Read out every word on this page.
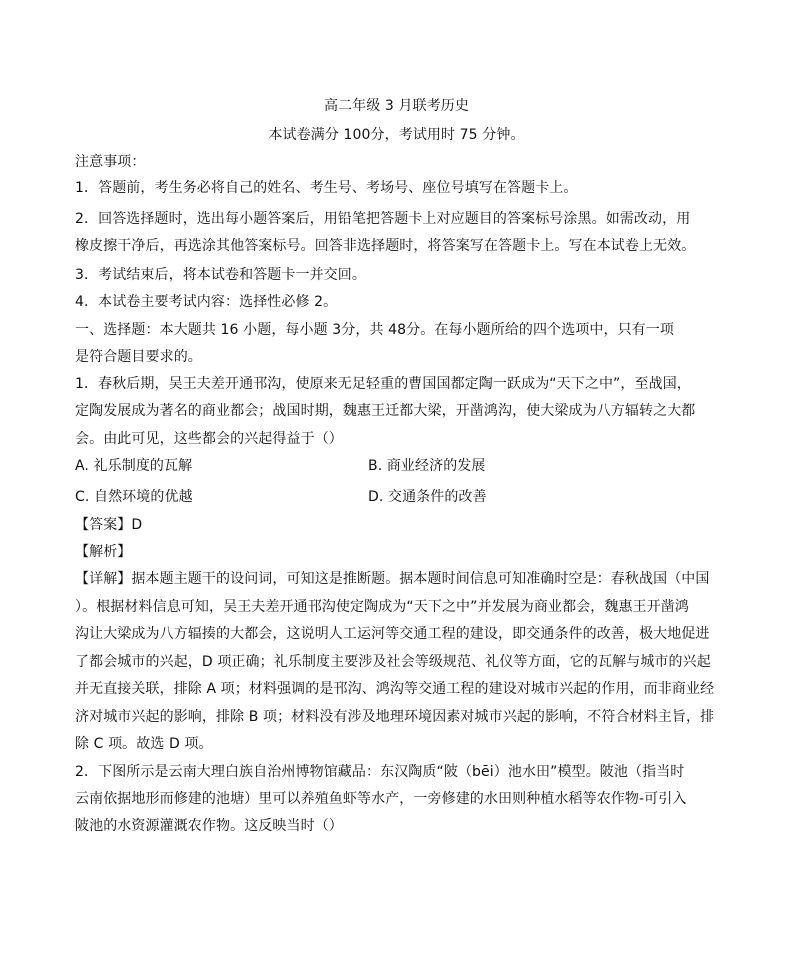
高二年级 3 月联考历史
本试卷满分 100分，考试用时 75 分钟。
注意事项：
1．答题前，考生务必将自己的姓名、考生号、考场号、座位号填写在答题卡上。
2．回答选择题时，选出每小题答案后，用铅笔把答题卡上对应题目的答案标号涂黑。如需改动，用
橡皮擦干净后，再选涂其他答案标号。回答非选择题时，将答案写在答题卡上。写在本试卷上无效。
3．考试结束后，将本试卷和答题卡一并交回。
4．本试卷主要考试内容：选择性必修 2。
一、选择题：本大题共 16 小题，每小题 3分，共 48分。在每小题所给的四个选项中，只有一项
是符合题目要求的。
1．春秋后期，吴王夫差开通邗沟，使原来无足轻重的曹国国都定陶一跃成为“天下之中”，至战国，
定陶发展成为著名的商业都会；战国时期，魏惠王迁都大梁，开凿鸿沟，使大梁成为八方辐转之大都
会。由此可见，这些都会的兴起得益于（）
A. 礼乐制度的瓦解	B. 商业经济的发展
C. 自然环境的优越	D. 交通条件的改善
【答案】D
【解析】
【详解】据本题主题干的设问词，可知这是推断题。据本题时间信息可知准确时空是：春秋战国（中国
）。根据材料信息可知，吴王夫差开通邗沟使定陶成为“天下之中”并发展为商业都会，魏惠王开凿鸿
沟让大梁成为八方辐揍的大都会，这说明人工运河等交通工程的建设，即交通条件的改善，极大地促进
了都会城市的兴起，D 项正确；礼乐制度主要涉及社会等级规范、礼仪等方面，它的瓦解与城市的兴起
并无直接关联，排除 A 项；材料强调的是邗沟、鸿沟等交通工程的建设对城市兴起的作用，而非商业经
济对城市兴起的影响，排除 B 项；材料没有涉及地理环境因素对城市兴起的影响，不符合材料主旨，排
除 C 项。故选 D 项。
2．下图所示是云南大理白族自治州博物馆藏品：东汉陶质“陂（bēi）池水田”模型。陂池（指当时
云南依据地形而修建的池塘）里可以养殖鱼虾等水产，一旁修建的水田则种植水稻等农作物-可引入
陂池的水资源灌溉农作物。这反映当时（）
